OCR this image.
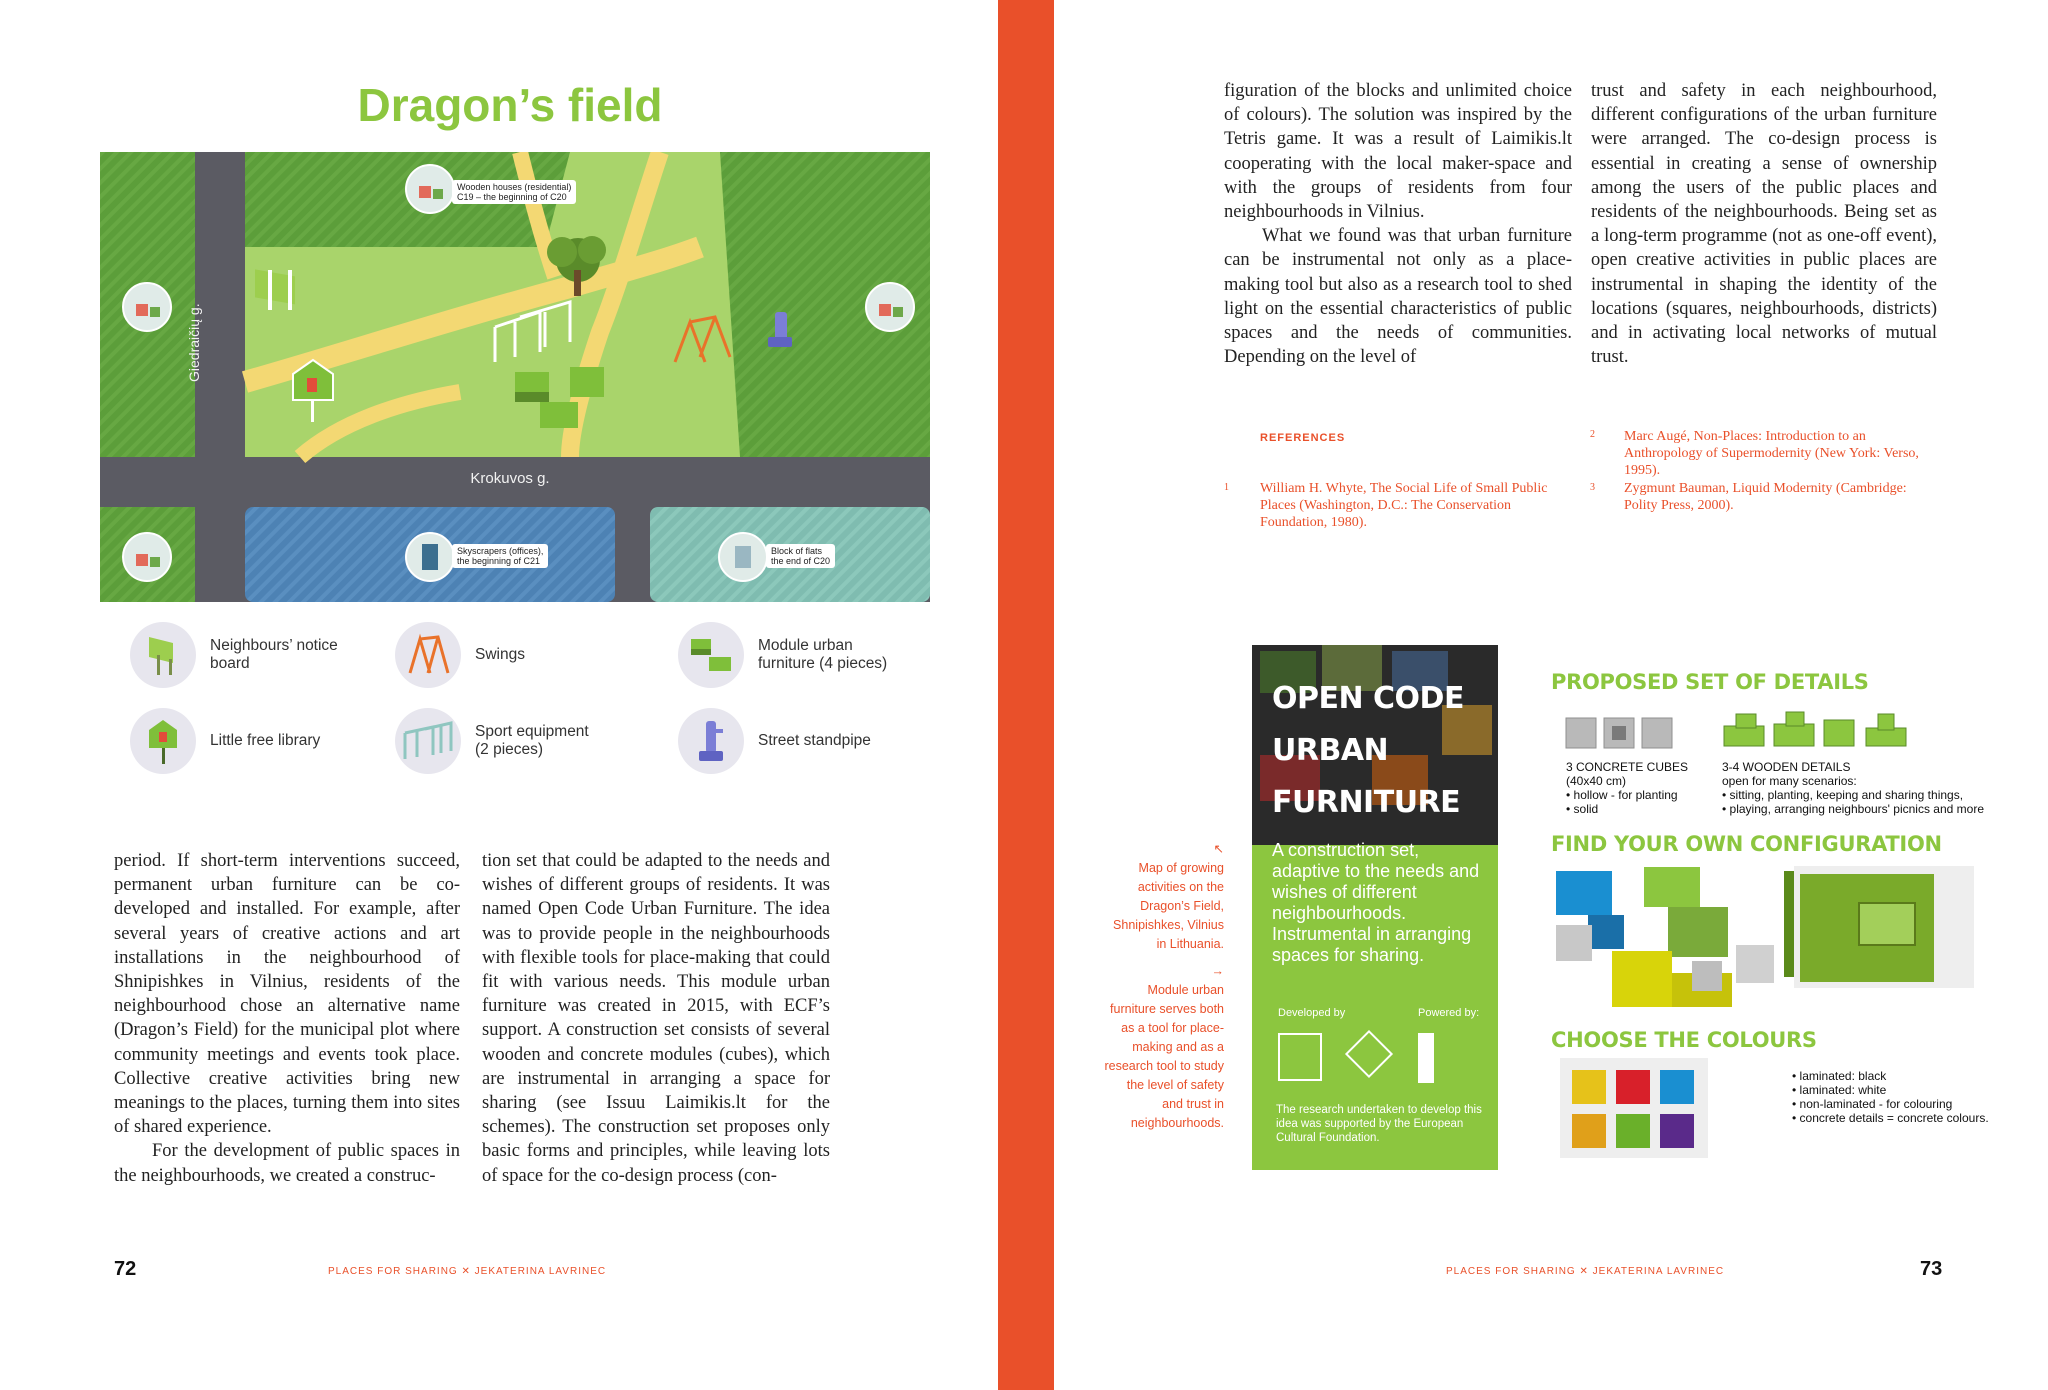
Dragon’s field
Giedraičių g.
Krokuvos g.
Wooden houses (residential)
C19 – the beginning of C20
Skyscrapers (offices),
the beginning of C21
Block of flats
the end of C20
Neighbours’ notice
board
Swings
Module urban
furniture (4 pieces)
Little free library
Sport equipment
(2 pieces)
Street standpipe

period. If short-term interventions succeed, permanent urban furniture can be co-developed and installed. For example, after several years of creative actions and art installations in the neighbourhood of Shnipishkes in Vilnius, residents of the neighbourhood chose an alternative name (Dragon’s Field) for the municipal plot where community meetings and events took place. Collective creative activities bring new meanings to the places, turning them into sites of shared experience.

For the development of public spaces in the neighbourhoods, we created a construc-

tion set that could be adapted to the needs and wishes of different groups of residents. It was named Open Code Urban Furniture. The idea was to provide people in the neighbourhoods with flexible tools for place-making that could fit with various needs. This module urban furniture was created in 2015, with ECF’s support. A construction set consists of several wooden and concrete modules (cubes), which are instrumental in arranging a space for sharing (see Issuu Laimikis.lt for the schemes). The construction set proposes only basic forms and principles, while leaving lots of space for the co-design process (con-

72	PLACES FOR SHARING ✕ JEKATERINA LAVRINEC

figuration of the blocks and unlimited choice of colours). The solution was inspired by the Tetris game. It was a result of Laimikis.lt cooperating with the local maker-space and with the groups of residents from four neighbourhoods in Vilnius.

What we found was that urban furniture can be instrumental not only as a place-making tool but also as a research tool to shed light on the essential characteristics of public spaces and the needs of communities. Depending on the level of

trust and safety in each neighbourhood, different configurations of the urban furniture were arranged. The co-design process is essential in creating a sense of ownership among the users of the public places and residents of the neighbourhoods. Being set as a long-term programme (not as one-off event), open creative activities in public places are instrumental in shaping the identity of the locations (squares, neighbourhoods, districts) and in activating local networks of mutual trust.

REFERENCES
1 William H. Whyte, The Social Life of Small Public Places (Washington, D.C.: The Conservation Foundation, 1980).
2 Marc Augé, Non-Places: Introduction to an Anthropology of Supermodernity (New York: Verso, 1995).
3 Zygmunt Bauman, Liquid Modernity (Cambridge: Polity Press, 2000).
↖
Map of growing activities on the Dragon’s Field, Shnipishkes, Vilnius in Lithuania.
→
Module urban furniture serves both as a tool for place-making and as a research tool to study the level of safety and trust in neighbourhoods.
OPEN CODE
URBAN
FURNITURE
A construction set, adaptive to the needs and wishes of different neighbourhoods. Instrumental in arranging spaces for sharing.
Developed by	Powered by:
The research undertaken to develop this idea was supported by the European Cultural Foundation.
PROPOSED SET OF DETAILS
3 CONCRETE CUBES
(40x40 cm)
• hollow - for planting
• solid
3-4 WOODEN DETAILS
open for many scenarios:
• sitting, planting, keeping and sharing things,
• playing, arranging neighbours' picnics and more
FIND YOUR OWN CONFIGURATION
CHOOSE THE COLOURS
• laminated: black
• laminated: white
• non-laminated - for colouring
• concrete details = concrete colours.
PLACES FOR SHARING ✕ JEKATERINA LAVRINEC	73
